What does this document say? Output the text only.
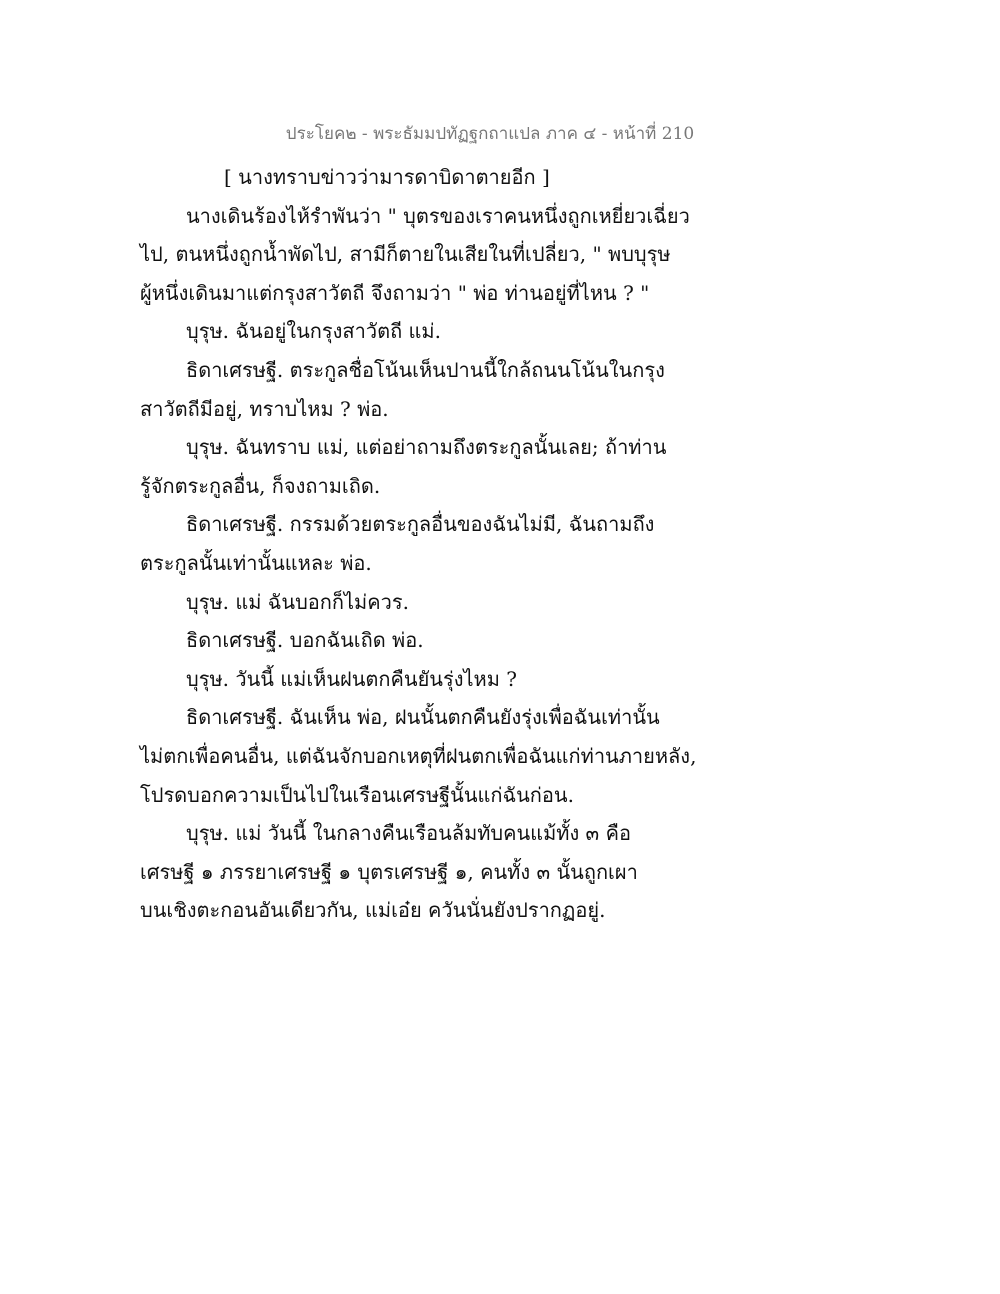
ประโยค๒ - พระธัมมปทัฏฐกถาแปล ภาค ๔ - หน้าที่ 210
[ นางทราบข่าวว่ามารดาบิดาตายอีก ]
นางเดินร้องไห้รำพันว่า " บุตรของเราคนหนึ่งถูกเหยี่ยวเฉี่ยว
ไป, ตนหนึ่งถูกน้ำพัดไป, สามีก็ตายในเสียในที่เปลี่ยว, " พบบุรุษ
ผู้หนึ่งเดินมาแต่กรุงสาวัตถี จึงถามว่า " พ่อ ท่านอยู่ที่ไหน ? "
บุรุษ. ฉันอยู่ในกรุงสาวัตถี แม่.
ธิดาเศรษฐี. ตระกูลชื่อโน้นเห็นปานนี้ใกล้ถนนโน้นในกรุง
สาวัตถีมีอยู่, ทราบไหม ? พ่อ.
บุรุษ. ฉันทราบ แม่, แต่อย่าถามถึงตระกูลนั้นเลย; ถ้าท่าน
รู้จักตระกูลอื่น, ก็จงถามเถิด.
ธิดาเศรษฐี. กรรมด้วยตระกูลอื่นของฉันไม่มี, ฉันถามถึง
ตระกูลนั้นเท่านั้นแหละ พ่อ.
บุรุษ. แม่ ฉันบอกก็ไม่ควร.
ธิดาเศรษฐี. บอกฉันเถิด พ่อ.
บุรุษ. วันนี้ แม่เห็นฝนตกคืนยันรุ่งไหม ?
ธิดาเศรษฐี. ฉันเห็น พ่อ, ฝนนั้นตกคืนยังรุ่งเพื่อฉันเท่านั้น
ไม่ตกเพื่อคนอื่น, แต่ฉันจักบอกเหตุที่ฝนตกเพื่อฉันแก่ท่านภายหลัง,
โปรดบอกความเป็นไปในเรือนเศรษฐีนั้นแก่ฉันก่อน.
บุรุษ. แม่ วันนี้ ในกลางคืนเรือนล้มทับคนแม้ทั้ง ๓ คือ
เศรษฐี ๑ ภรรยาเศรษฐี ๑ บุตรเศรษฐี ๑, คนทั้ง ๓ นั้นถูกเผา
บนเชิงตะกอนอันเดียวกัน, แม่เอ๋ย ควันนั่นยังปรากฏอยู่.
